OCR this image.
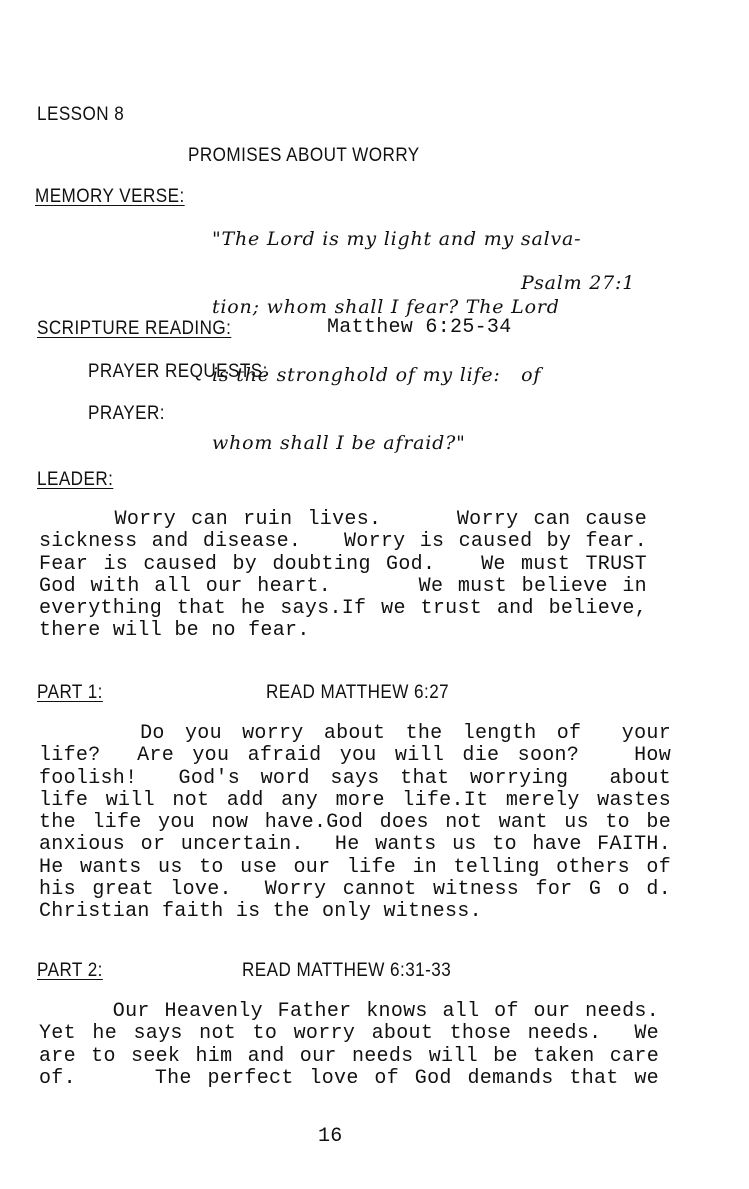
LESSON 8
PROMISES ABOUT WORRY
MEMORY VERSE:

"The Lord is my light and my salva-

tion; whom shall I fear? The Lord

is the stronghold of my life:   of

whom shall I be afraid?"

Psalm 27:1
SCRIPTURE READING:	Matthew 6:25-34
PRAYER REQUESTS:
PRAYER:
LEADER:
Worry can ruin lives.     Worry can cause
sickness and disease.   Worry is caused by fear.
Fear is caused by doubting God.   We must TRUST
God with all our heart.      We must believe in
everything that he says.If we trust and believe,
there will be no fear.
PART 1:	READ MATTHEW 6:27
Do you worry about the length of  your
life?  Are you afraid you will die soon?   How
foolish!  God's word says that worrying  about
life will not add any more life.It merely wastes
the life you now have.God does not want us to be
anxious or uncertain.  He wants us to have FAITH.
He wants us to use our life in telling others of
his great love.  Worry cannot witness for G o d.
Christian faith is the only witness.
PART 2:	READ MATTHEW 6:31-33
Our Heavenly Father knows all of our needs.
Yet he says not to worry about those needs.  We
are to seek him and our needs will be taken care
of.     The perfect love of God demands that we
16
